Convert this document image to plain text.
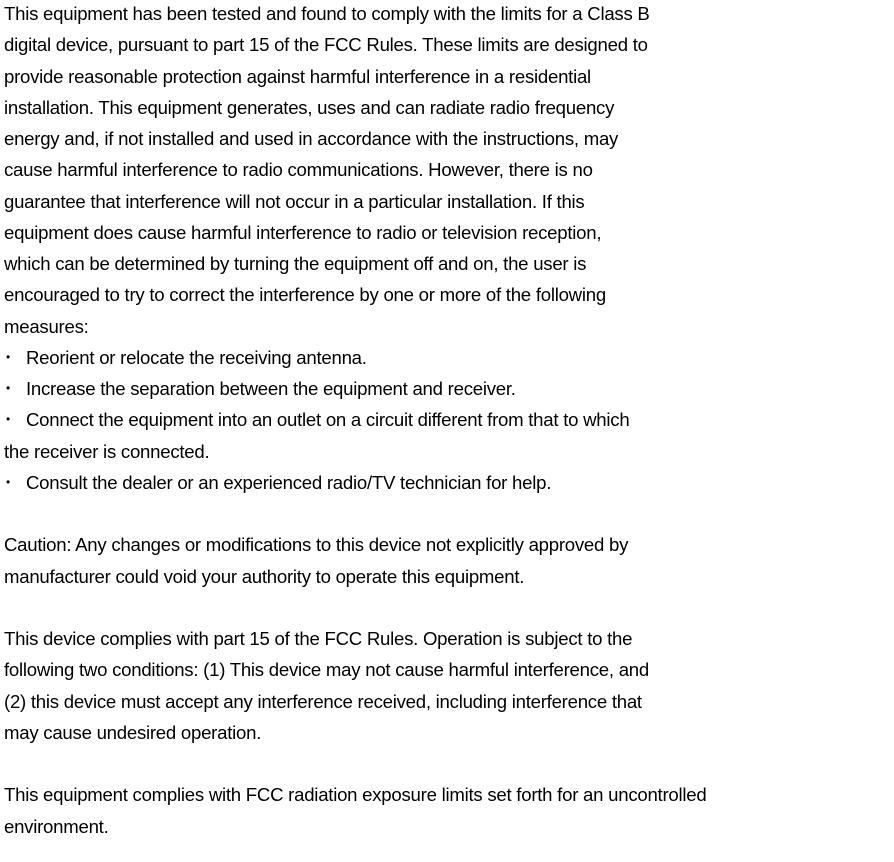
This equipment has been tested and found to comply with the limits for a Class B
digital device, pursuant to part 15 of the FCC Rules. These limits are designed to
provide reasonable protection against harmful interference in a residential
installation. This equipment generates, uses and can radiate radio frequency
energy and, if not installed and used in accordance with the instructions, may
cause harmful interference to radio communications. However, there is no
guarantee that interference will not occur in a particular installation. If this
equipment does cause harmful interference to radio or television reception,
which can be determined by turning the equipment off and on, the user is
encouraged to try to correct the interference by one or more of the following
measures:
• Reorient or relocate the receiving antenna.
• Increase the separation between the equipment and receiver.
• Connect the equipment into an outlet on a circuit different from that to which
the receiver is connected.
• Consult the dealer or an experienced radio/TV technician for help.
Caution: Any changes or modifications to this device not explicitly approved by
manufacturer could void your authority to operate this equipment.
This device complies with part 15 of the FCC Rules. Operation is subject to the
following two conditions: (1) This device may not cause harmful interference, and
(2) this device must accept any interference received, including interference that
may cause undesired operation.
This equipment complies with FCC radiation exposure limits set forth for an uncontrolled
environment.
